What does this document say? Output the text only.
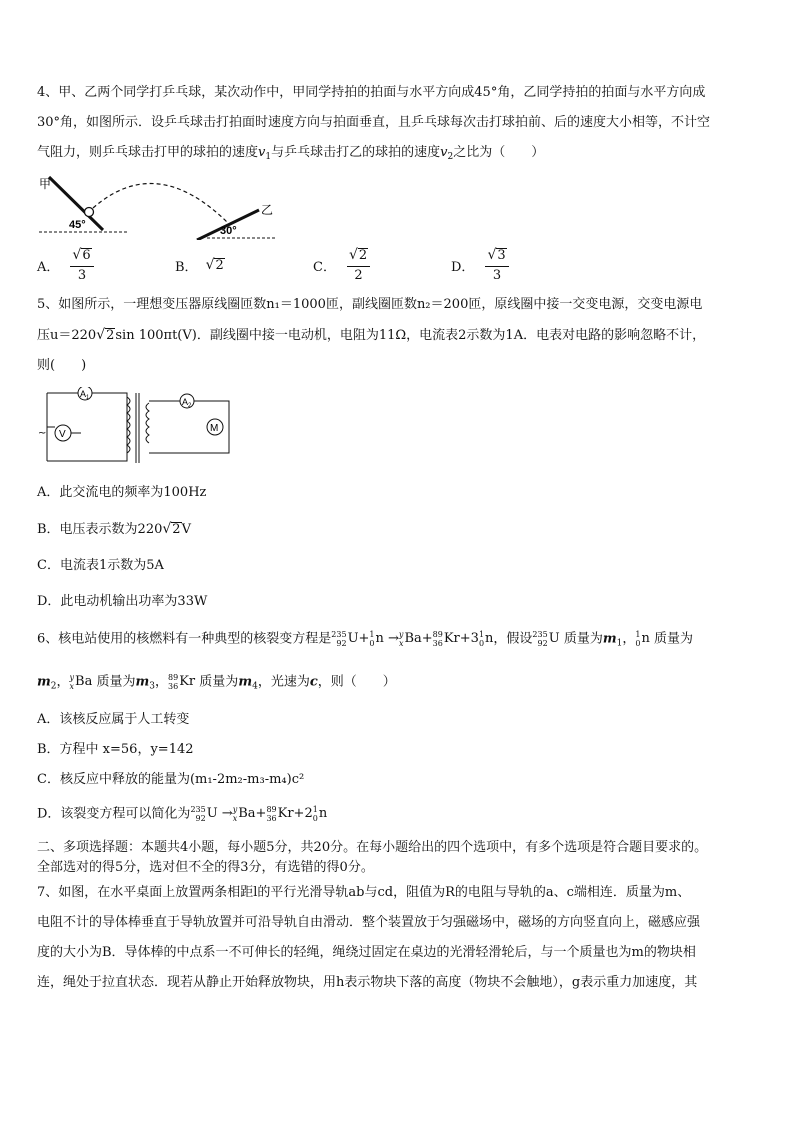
4、甲、乙两个同学打乒乓球，某次动作中，甲同学持拍的拍面与水平方向成45°角，乙同学持拍的拍面与水平方向成

30°角，如图所示．设乒乓球击打拍面时速度方向与拍面垂直，且乒乓球每次击打球拍前、后的速度大小相等，不计空

气阻力，则乒乓球击打甲的球拍的速度$v_1$与乒乓球击打乙的球拍的速度$v_2$之比为（　　）

甲
45°
乙
30°
A． $\frac{√6}{3}$	B． √ 2	C． $\frac{√2}{2}$	D． $\frac{√3}{3}$

5、如图所示，一理想变压器原线圈匝数n₁＝1000匝，副线圈匝数n₂＝200匝，原线圈中接一交变电源，交变电源电

压u＝220√2sin 100πt(V)．副线圈中接一电动机，电阻为11Ω，电流表2示数为1A．电表对电路的影响忽略不计，

则(　　)

A 1
V
~
A 2
M

A．此交流电的频率为100Hz

B．电压表示数为220√2V

C．电流表1示数为5A

D．此电动机输出功率为33W

6、核电站使用的核燃料有一种典型的核裂变方程是 235
92 U+ 1
0 n → y
x Ba+ 89
36 Kr+3 1
0 n，假设 235
92 U 质量为$m_1$， 1
0 n 质量为

$m_2$， y
x Ba 质量为$m_3$， 89
36 Kr 质量为$m_4$，光速为c，则（　　）

A．该核反应属于人工转变

B．方程中 x=56，y=142

C．核反应中释放的能量为(m₁-2m₂-m₃-m₄)c²

D．该裂变方程可以简化为 235
92 U → y
x Ba+ 89
36 Kr+2 1
0 n

二、多项选择题：本题共4小题，每小题5分，共20分。在每小题给出的四个选项中，有多个选项是符合题目要求的。

全部选对的得5分，选对但不全的得3分，有选错的得0分。

7、如图，在水平桌面上放置两条相距l的平行光滑导轨ab与cd，阻值为R的电阻与导轨的a、c端相连．质量为m、

电阻不计的导体棒垂直于导轨放置并可沿导轨自由滑动．整个装置放于匀强磁场中，磁场的方向竖直向上，磁感应强

度的大小为B．导体棒的中点系一不可伸长的轻绳，绳绕过固定在桌边的光滑轻滑轮后，与一个质量也为m的物块相

连，绳处于拉直状态．现若从静止开始释放物块，用h表示物块下落的高度（物块不会触地），g表示重力加速度，其
